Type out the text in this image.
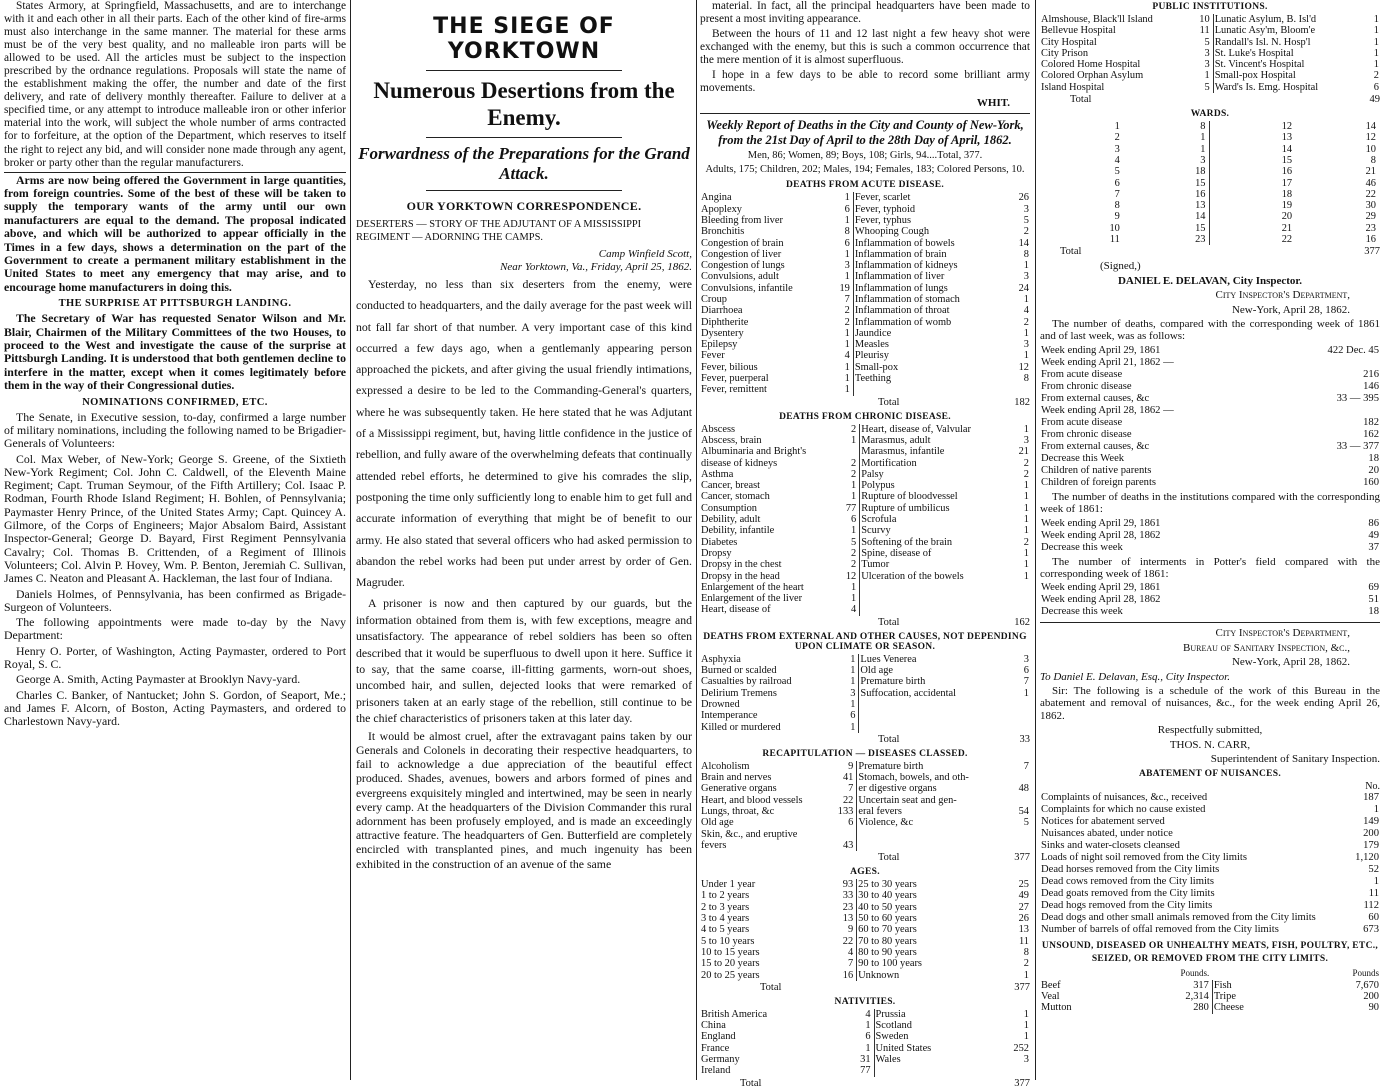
States Armory, at Springfield, Massachusetts, and are to interchange with it and each other in all their parts. Each of the other kind of fire-arms must also interchange in the same manner. The material for these arms must be of the very best quality, and no malleable iron parts will be allowed to be used. All the articles must be subject to the inspection prescribed by the ordnance regulations. Proposals will state the name of the establishment making the offer, the number and date of the first delivery, and rate of delivery monthly thereafter. Failure to deliver at a specified time, or any attempt to introduce malleable iron or other inferior material into the work, will subject the whole number of arms contracted for to forfeiture, at the option of the Department, which reserves to itself the right to reject any bid, and will consider none made through any agent, broker or party other than the regular manufacturers.

Arms are now being offered the Government in large quantities, from foreign countries. Some of the best of these will be taken to supply the temporary wants of the army until our own manufacturers are equal to the demand. The proposal indicated above, and which will be authorized to appear officially in the Times in a few days, shows a determination on the part of the Government to create a permanent military establishment in the United States to meet any emergency that may arise, and to encourage home manufacturers in doing this.

THE SURPRISE AT PITTSBURGH LANDING.

The Secretary of War has requested Senator Wilson and Mr. Blair, Chairmen of the Military Committees of the two Houses, to proceed to the West and investigate the cause of the surprise at Pittsburgh Landing. It is understood that both gentlemen decline to interfere in the matter, except when it comes legitimately before them in the way of their Congressional duties.

NOMINATIONS CONFIRMED, ETC.

The Senate, in Executive session, to-day, confirmed a large number of military nominations, including the following named to be Brigadier-Generals of Volunteers:

Col. Max Weber, of New-York; George S. Greene, of the Sixtieth New-York Regiment; Col. John C. Caldwell, of the Eleventh Maine Regiment; Capt. Truman Seymour, of the Fifth Artillery; Col. Isaac P. Rodman, Fourth Rhode Island Regiment; H. Bohlen, of Pennsylvania; Paymaster Henry Prince, of the United States Army; Capt. Quincey A. Gilmore, of the Corps of Engineers; Major Absalom Baird, Assistant Inspector-General; George D. Bayard, First Regiment Pennsylvania Cavalry; Col. Thomas B. Crittenden, of a Regiment of Illinois Volunteers; Col. Alvin P. Hovey, Wm. P. Benton, Jeremiah C. Sullivan, James C. Neaton and Pleasant A. Hackleman, the last four of Indiana.

Daniels Holmes, of Pennsylvania, has been confirmed as Brigade-Surgeon of Volunteers.

The following appointments were made to-day by the Navy Department:

Henry O. Porter, of Washington, Acting Paymaster, ordered to Port Royal, S. C.

George A. Smith, Acting Paymaster at Brooklyn Navy-yard.

Charles C. Banker, of Nantucket; John S. Gordon, of Seaport, Me.; and James F. Alcorn, of Boston, Acting Paymasters, and ordered to Charlestown Navy-yard.

THE SIEGE OF YORKTOWN
Numerous Desertions from the Enemy.
Forwardness of the Preparations for the Grand Attack.
OUR YORKTOWN CORRESPONDENCE.
DESERTERS — STORY OF THE ADJUTANT OF A MISSISSIPPI REGIMENT — ADORNING THE CAMPS.
Camp Winfield Scott,
Near Yorktown, Va., Friday, April 25, 1862.

Yesterday, no less than six deserters from the enemy, were conducted to headquarters, and the daily average for the past week will not fall far short of that number. A very important case of this kind occurred a few days ago, when a gentlemanly appearing person approached the pickets, and after giving the usual friendly intimations, expressed a desire to be led to the Commanding-General's quarters, where he was subsequently taken. He here stated that he was Adjutant of a Mississippi regiment, but, having little confidence in the justice of rebellion, and fully aware of the overwhelming defeats that continually attended rebel efforts, he determined to give his comrades the slip, postponing the time only sufficiently long to enable him to get full and accurate information of everything that might be of benefit to our army. He also stated that several officers who had asked permission to abandon the rebel works had been put under arrest by order of Gen. Magruder.

A prisoner is now and then captured by our guards, but the information obtained from them is, with few exceptions, meagre and unsatisfactory. The appearance of rebel soldiers has been so often described that it would be superfluous to dwell upon it here. Suffice it to say, that the same coarse, ill-fitting garments, worn-out shoes, uncombed hair, and sullen, dejected looks that were remarked of prisoners taken at an early stage of the rebellion, still continue to be the chief characteristics of prisoners taken at this later day.

It would be almost cruel, after the extravagant pains taken by our Generals and Colonels in decorating their respective headquarters, to fail to acknowledge a due appreciation of the beautiful effect produced. Shades, avenues, bowers and arbors formed of pines and evergreens exquisitely mingled and intertwined, may be seen in nearly every camp. At the headquarters of the Division Commander this rural adornment has been profusely employed, and is made an exceedingly attractive feature. The headquarters of Gen. Butterfield are completely encircled with transplanted pines, and much ingenuity has been exhibited in the construction of an avenue of the same

material. In fact, all the principal headquarters have been made to present a most inviting appearance.

Between the hours of 11 and 12 last night a few heavy shot were exchanged with the enemy, but this is such a common occurrence that the mere mention of it is almost superfluous.

I hope in a few days to be able to record some brilliant army movements.

WHIT.
Weekly Report of Deaths in the City and County of New-York, from the 21st Day of April to the 28th Day of April, 1862.
Men, 86; Women, 89; Boys, 108; Girls, 94....Total, 377.
Adults, 175; Children, 202; Males, 194; Females, 183; Colored Persons, 10.
DEATHS FROM ACUTE DISEASE.
Angina	1	Fever, scarlet	26
Apoplexy	6	Fever, typhoid	3
Bleeding from liver	1	Fever, typhus	5
Bronchitis	8	Whooping Cough	2
Congestion of brain	6	Inflammation of bowels	14
Congestion of liver	1	Inflammation of brain	8
Congestion of lungs	3	Inflammation of kidneys	1
Convulsions, adult	1	Inflammation of liver	3
Convulsions, infantile	19	Inflammation of lungs	24
Croup	7	Inflammation of stomach	1
Diarrhoea	2	Inflammation of throat	4
Diphtherite	2	Inflammation of womb	2
Dysentery	1	Jaundice	1
Epilepsy	1	Measles	3
Fever	4	Pleurisy	1
Fever, bilious	1	Small-pox	12
Fever, puerperal	1	Teething	8
Fever, remittent	1		
Total	182
DEATHS FROM CHRONIC DISEASE.
Abscess	2	Heart, disease of, Valvular	1
Abscess, brain	1	Marasmus, adult	3
Albuminaria and Bright's		Marasmus, infantile	21
disease of kidneys	2	Mortification	2
Asthma	2	Palsy	2
Cancer, breast	1	Polypus	1
Cancer, stomach	1	Rupture of bloodvessel	1
Consumption	77	Rupture of umbilicus	1
Debility, adult	6	Scrofula	1
Debility, infantile	1	Scurvy	1
Diabetes	5	Softening of the brain	2
Dropsy	2	Spine, disease of	1
Dropsy in the chest	2	Tumor	1
Dropsy in the head	12	Ulceration of the bowels	1
Enlargement of the heart	1		
Enlargement of the liver	1		
Heart, disease of	4		
Total	162
DEATHS FROM EXTERNAL AND OTHER CAUSES, NOT DEPENDING UPON CLIMATE OR SEASON.
Asphyxia	1	Lues Venerea	3
Burned or scalded	1	Old age	6
Casualties by railroad	1	Premature birth	7
Delirium Tremens	3	Suffocation, accidental	1
Drowned	1		
Intemperance	6		
Killed or murdered	1		
Total	33
RECAPITULATION — DISEASES CLASSED.
Alcoholism	9	Premature birth	7
Brain and nerves	41	Stomach, bowels, and oth-	
Generative organs	7	er digestive organs	48
Heart, and blood vessels	22	Uncertain seat and gen-	
Lungs, throat, &c	133	eral fevers	54
Old age	6	Violence, &c	5
Skin, &c., and eruptive			
fevers	43		
Total	377
AGES.
Under 1 year	93	25 to 30 years	25
1 to 2 years	33	30 to 40 years	49
2 to 3 years	23	40 to 50 years	27
3 to 4 years	13	50 to 60 years	26
4 to 5 years	9	60 to 70 years	13
5 to 10 years	22	70 to 80 years	11
10 to 15 years	4	80 to 90 years	8
15 to 20 years	7	90 to 100 years	2
20 to 25 years	16	Unknown	1
Total	377
NATIVITIES.
British America	4	Prussia	1
China	1	Scotland	1
England	6	Sweden	1
France	1	United States	252
Germany	31	Wales	3
Ireland	77		
Total	377
PUBLIC INSTITUTIONS.
Almshouse, Black'll Island	10	Lunatic Asylum, B. Isl'd	1
Bellevue Hospital	11	Lunatic Asy'm, Bloom'e	1
City Hospital	5	Randall's Isl. N. Hosp'l	1
City Prison	3	St. Luke's Hospital	1
Colored Home Hospital	3	St. Vincent's Hospital	1
Colored Orphan Asylum	1	Small-pox Hospital	2
Island Hospital	5	Ward's Is. Emg. Hospital	6
Total	49
WARDS.
1	8	12	14
2	1	13	12
3	1	14	10
4	3	15	8
5	18	16	21
6	15	17	46
7	16	18	22
8	13	19	30
9	14	20	29
10	15	21	23
11	23	22	16
Total	377

(Signed,)

DANIEL E. DELAVAN, City Inspector.

City Inspector's Department,

New-York, April 28, 1862.

The number of deaths, compared with the corresponding week of 1861 and of last week, was as follows:

Week ending April 29, 1861	422 Dec. 45
Week ending April 21, 1862 —	
From acute disease	216
From chronic disease	146
From external causes, &c	33 — 395
Week ending April 28, 1862 —	
From acute disease	182
From chronic disease	162
From external causes, &c	33 — 377
Decrease this Week	18
Children of native parents	20
Children of foreign parents	160

The number of deaths in the institutions compared with the corresponding week of 1861:

Week ending April 29, 1861	86
Week ending April 28, 1862	49
Decrease this week	37

The number of interments in Potter's field compared with the corresponding week of 1861:

Week ending April 29, 1861	69
Week ending April 28, 1862	51
Decrease this week	18

City Inspector's Department,

Bureau of Sanitary Inspection, &c.,

New-York, April 28, 1862.

To Daniel E. Delavan, Esq., City Inspector.

Sir: The following is a schedule of the work of this Bureau in the abatement and removal of nuisances, &c., for the week ending April 26, 1862.

Respectfully submitted,

THOS. N. CARR,

Superintendent of Sanitary Inspection.

ABATEMENT OF NUISANCES.
No.
Complaints of nuisances, &c., received	187
Complaints for which no cause existed	1
Notices for abatement served	149
Nuisances abated, under notice	200
Sinks and water-closets cleansed	179
Loads of night soil removed from the City limits	1,120
Dead horses removed from the City limits	52
Dead cows removed from the City limits	1
Dead goats removed from the City limits	11
Dead hogs removed from the City limits	112
Dead dogs and other small animals removed from the City limits	60
Number of barrels of offal removed from the City limits	673
UNSOUND, DISEASED OR UNHEALTHY MEATS, FISH, POULTRY, ETC., SEIZED, OR REMOVED FROM THE CITY LIMITS.
	Pounds.		Pounds
Beef	317	Fish	7,670
Veal	2,314	Tripe	200
Mutton	280	Cheese	90
